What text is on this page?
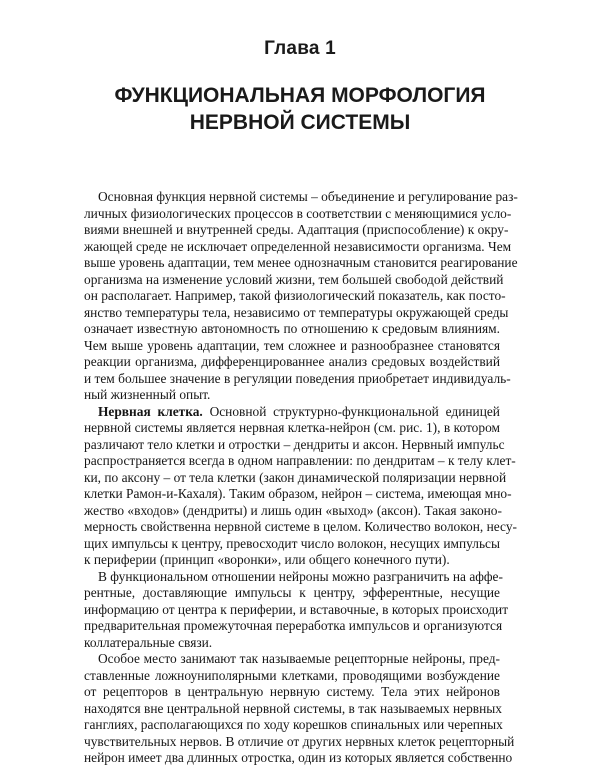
Глава 1
ФУНКЦИОНАЛЬНАЯ МОРФОЛОГИЯ
НЕРВНОЙ СИСТЕМЫ
Основная функция нервной системы – объединение и регулирование раз-
личных физиологических процессов в соответствии с меняющимися усло-
виями внешней и внутренней среды. Адаптация (приспособление) к окру-
жающей среде не исключает определенной независимости организма. Чем
выше уровень адаптации, тем менее однозначным становится реагирование
организма на изменение условий жизни, тем большей свободой действий
он располагает. Например, такой физиологический показатель, как посто-
янство температуры тела, независимо от температуры окружающей среды
означает известную автономность по отношению к средовым влияниям.
Чем выше уровень адаптации, тем сложнее и разнообразнее становятся
реакции организма, дифференцированнее анализ средовых воздействий
и тем большее значение в регуляции поведения приобретает индивидуаль-
ный жизненный опыт.
Нервная клетка. Основной структурно-функциональной единицей
нервной системы является нервная клетка-нейрон (см. рис. 1), в котором
различают тело клетки и отростки – дендриты и аксон. Нервный импульс
распространяется всегда в одном направлении: по дендритам – к телу клет-
ки, по аксону – от тела клетки (закон динамической поляризации нервной
клетки Рамон-и-Кахаля). Таким образом, нейрон – система, имеющая мно-
жество «входов» (дендриты) и лишь один «выход» (аксон). Такая законо-
мерность свойственна нервной системе в целом. Количество волокон, несу-
щих импульсы к центру, превосходит число волокон, несущих импульсы
к периферии (принцип «воронки», или общего конечного пути).
В функциональном отношении нейроны можно разграничить на аффе-
рентные, доставляющие импульсы к центру, эфферентные, несущие
информацию от центра к периферии, и вставочные, в которых происходит
предварительная промежуточная переработка импульсов и организуются
коллатеральные связи.
Особое место занимают так называемые рецепторные нейроны, пред-
ставленные ложноуниполярными клетками, проводящими возбуждение
от рецепторов в центральную нервную систему. Тела этих нейронов
находятся вне центральной нервной системы, в так называемых нервных
ганглиях, располагающихся по ходу корешков спинальных или черепных
чувствительных нервов. В отличие от других нервных клеток рецепторный
нейрон имеет два длинных отростка, один из которых является собственно
